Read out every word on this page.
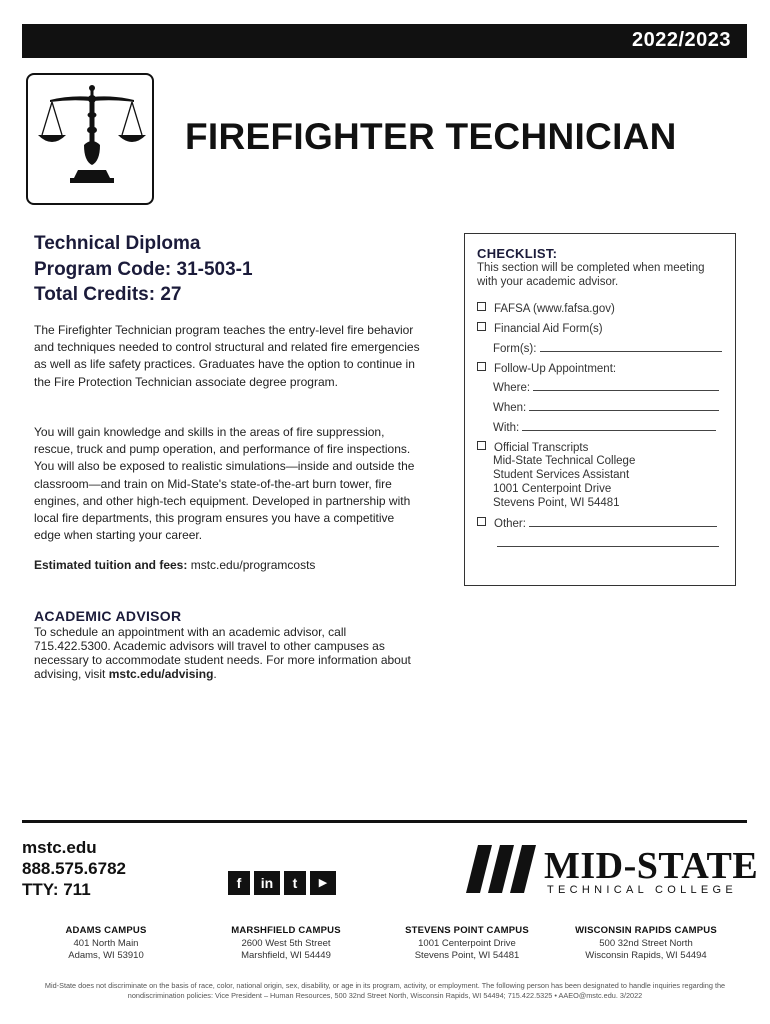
2022/2023
FIREFIGHTER TECHNICIAN
Technical Diploma
Program Code: 31-503-1
Total Credits: 27
The Firefighter Technician program teaches the entry-level fire behavior and techniques needed to control structural and related fire emergencies as well as life safety practices. Graduates have the option to continue in the Fire Protection Technician associate degree program.
You will gain knowledge and skills in the areas of fire suppression, rescue, truck and pump operation, and performance of fire inspections. You will also be exposed to realistic simulations—inside and outside the classroom—and train on Mid-State's state-of-the-art burn tower, fire engines, and other high-tech equipment. Developed in partnership with local fire departments, this program ensures you have a competitive edge when starting your career.
Estimated tuition and fees: mstc.edu/programcosts
ACADEMIC ADVISOR
To schedule an appointment with an academic advisor, call 715.422.5300. Academic advisors will travel to other campuses as necessary to accommodate student needs. For more information about advising, visit mstc.edu/advising.
CHECKLIST:
This section will be completed when meeting with your academic advisor.
FAFSA (www.fafsa.gov)
Financial Aid Form(s)
Form(s):
Follow-Up Appointment:
Where:
When:
With:
Official Transcripts
Mid-State Technical College
Student Services Assistant
1001 Centerpoint Drive
Stevens Point, WI 54481
Other:
mstc.edu
888.575.6782
TTY: 711	f	in	t	▶	MID-STATE
TECHNICAL COLLEGE
ADAMS CAMPUS
401 North Main
Adams, WI 53910
MARSHFIELD CAMPUS
2600 West 5th Street
Marshfield, WI 54449
STEVENS POINT CAMPUS
1001 Centerpoint Drive
Stevens Point, WI 54481
WISCONSIN RAPIDS CAMPUS
500 32nd Street North
Wisconsin Rapids, WI 54494
Mid-State does not discriminate on the basis of race, color, national origin, sex, disability, or age in its program, activity, or employment. The following person has been designated to handle inquiries regarding the nondiscrimination policies: Vice President – Human Resources, 500 32nd Street North, Wisconsin Rapids, WI 54494; 715.422.5325 • AAEO@mstc.edu. 3/2022
